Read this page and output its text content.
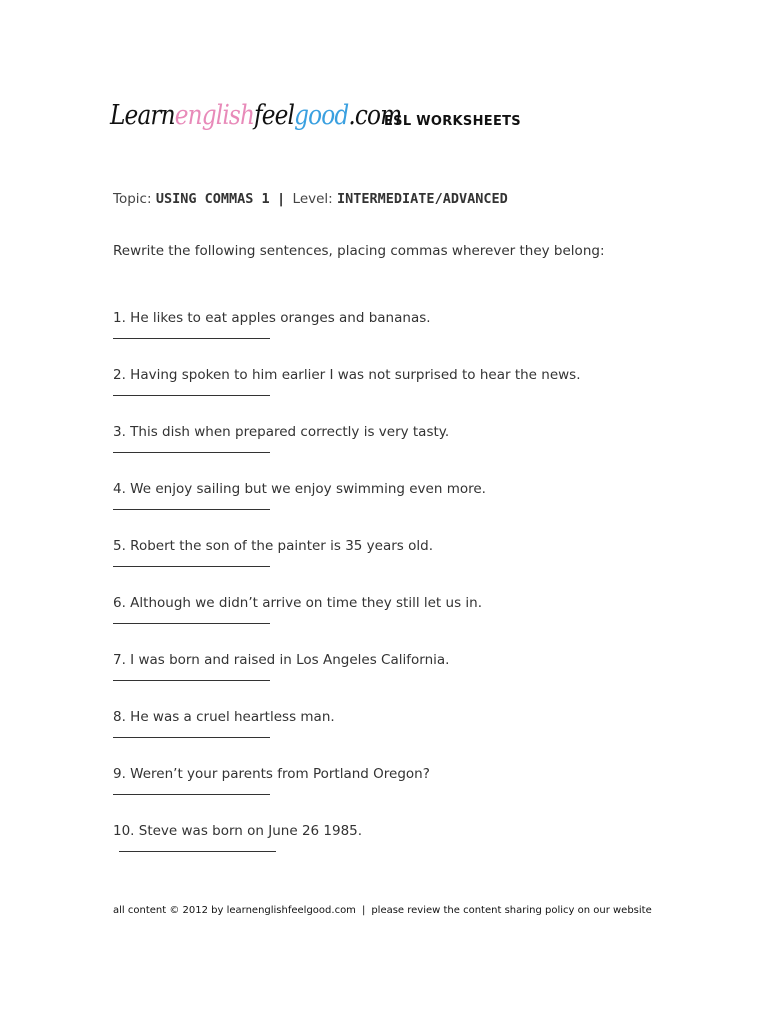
Learnenglishfeelgood.com
ESL WORKSHEETS
Topic: USING COMMAS 1 | Level: INTERMEDIATE/ADVANCED
Rewrite the following sentences, placing commas wherever they belong:
1. He likes to eat apples oranges and bananas.
2. Having spoken to him earlier I was not surprised to hear the news.
3. This dish when prepared correctly is very tasty.
4. We enjoy sailing but we enjoy swimming even more.
5. Robert the son of the painter is 35 years old.
6. Although we didn’t arrive on time they still let us in.
7. I was born and raised in Los Angeles California.
8. He was a cruel heartless man.
9. Weren’t your parents from Portland Oregon?
10. Steve was born on June 26 1985.
all content © 2012 by learnenglishfeelgood.com | please review the content sharing policy on our website
